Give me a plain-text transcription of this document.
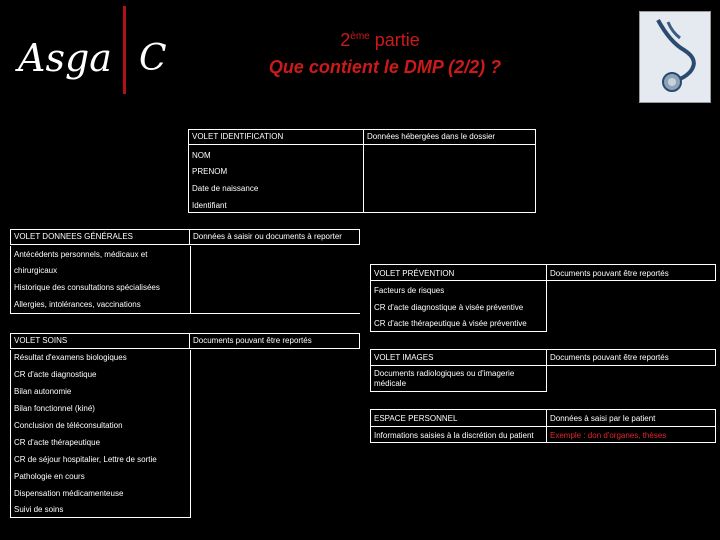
Asga C	2ème partie
Que contient le DMP (2/2) ?
VOLET IDENTIFICATION	Données hébergées dans le dossier
NOM
PRENOM
Date de naissance
Identifiant
VOLET DONNEES GÉNÉRALES	Données à saisir ou documents à reporter
Antécédents personnels, médicaux et
chirurgicaux
Historique des consultations spécialisées
Allergies, intolérances, vaccinations
VOLET PRÉVENTION	Documents pouvant être reportés
Facteurs de risques
CR d'acte diagnostique à visée préventive
CR d'acte thérapeutique à visée préventive
VOLET SOINS	Documents pouvant être reportés
Résultat d'examens biologiques
CR d'acte diagnostique
Bilan autonomie
Bilan fonctionnel (kiné)
Conclusion de téléconsultation
CR d'acte thérapeutique
CR de séjour hospitalier, Lettre de sortie
Pathologie en cours
Dispensation médicamenteuse
Suivi de soins
VOLET IMAGES	Documents pouvant être reportés
Documents radiologiques ou d'imagerie médicale
ESPACE PERSONNEL	Données à saisi par le patient
Informations saisies à la discrétion du patient	Exemple : don d'organes, thèses
